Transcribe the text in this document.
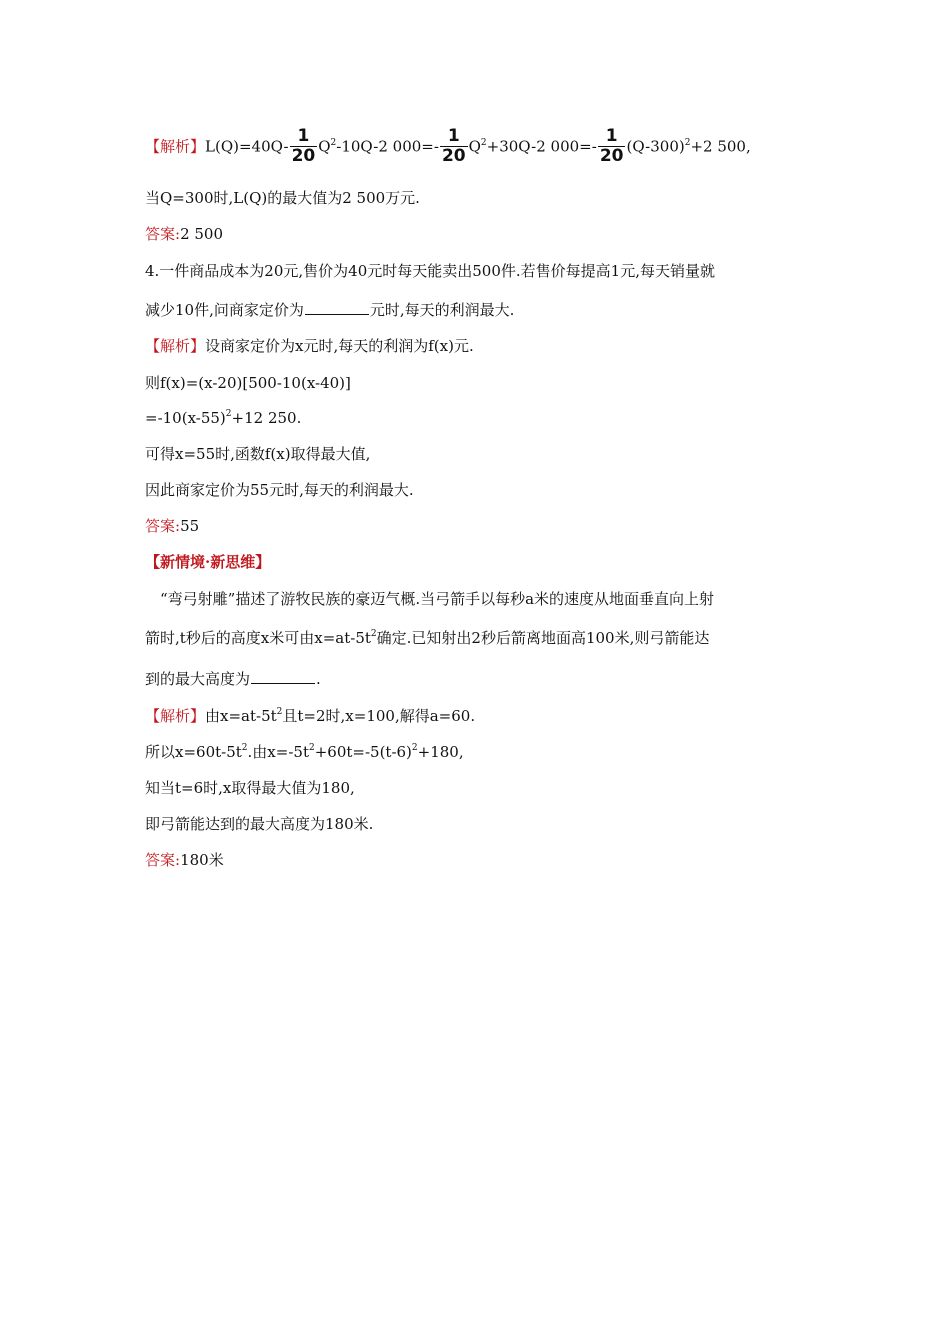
【解析】$L(Q)=40Q- \frac{1}{20} Q^2-10Q-2$ $000=- \frac{1}{20} Q^2+30Q-2$ $000=- \frac{1}{20} (Q-300)^2+2$ 500,
当Q=300时,L(Q)的最大值为2 500万元.
答案:2 500
4.一件商品成本为20元,售价为40元时每天能卖出500件.若售价每提高1元,每天销量就
减少10件,问商家定价为	元时,每天的利润最大.
【解析】设商家定价为x元时,每天的利润为f(x)元.
则f(x)=(x-20)[500-10(x-40)]
$=-10(x-55)^2+12$ 250.
可得x=55时,函数f(x)取得最大值,
因此商家定价为55元时,每天的利润最大.
答案:55
【新情境·新思维】
“弯弓射雕”描述了游牧民族的豪迈气概.当弓箭手以每秒a米的速度从地面垂直向上射
箭时,t秒后的高度x米可由$x=at-5t^2$确定.已知射出2秒后箭离地面高100米,则弓箭能达
到的最大高度为	.
【解析】由$x=at-5t^2$且t=2时,x=100,解得a=60.
所以$x=60t-5t^2$.由$x=-5t^2+60t=-5(t-6)^2+180$,
知当t=6时,x取得最大值为180,
即弓箭能达到的最大高度为180米.
答案:180米
